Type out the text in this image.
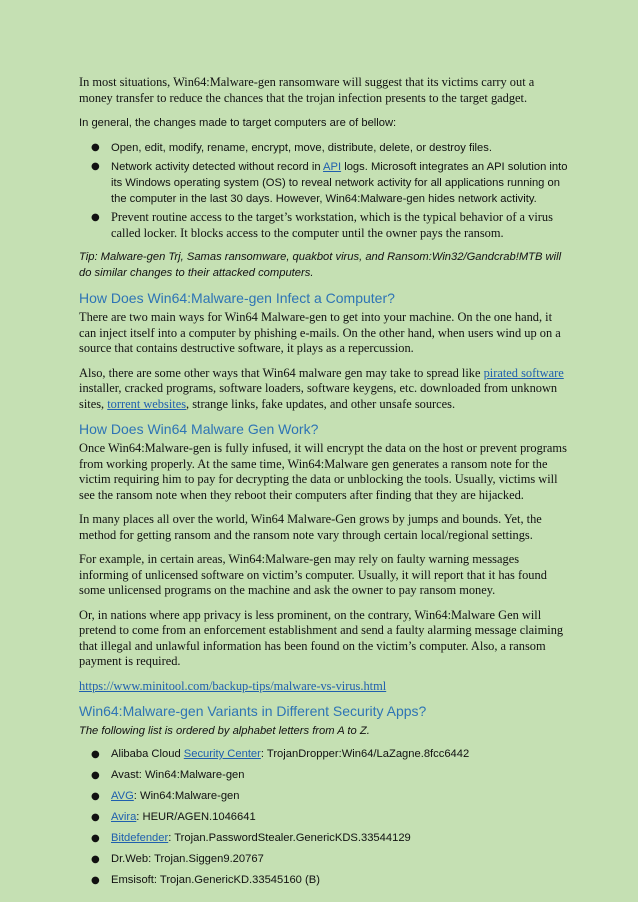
In most situations, Win64:Malware-gen ransomware will suggest that its victims carry out a money transfer to reduce the chances that the trojan infection presents to the target gadget.

In general, the changes made to target computers are of bellow:

● Open, edit, modify, rename, encrypt, move, distribute, delete, or destroy files.
● Network activity detected without record in API logs. Microsoft integrates an API solution into its Windows operating system (OS) to reveal network activity for all applications running on the computer in the last 30 days. However, Win64:Malware-gen hides network activity.
● Prevent routine access to the target’s workstation, which is the typical behavior of a virus called locker. It blocks access to the computer until the owner pays the ransom.

Tip: Malware-gen Trj, Samas ransomware, quakbot virus, and Ransom:Win32/Gandcrab!MTB will do similar changes to their attacked computers.

How Does Win64:Malware-gen Infect a Computer?

There are two main ways for Win64 Malware-gen to get into your machine. On the one hand, it can inject itself into a computer by phishing e-mails. On the other hand, when users wind up on a source that contains destructive software, it plays as a repercussion.

Also, there are some other ways that Win64 malware gen may take to spread like pirated software installer, cracked programs, software loaders, software keygens, etc. downloaded from unknown sites, torrent websites, strange links, fake updates, and other unsafe sources.

How Does Win64 Malware Gen Work?

Once Win64:Malware-gen is fully infused, it will encrypt the data on the host or prevent programs from working properly. At the same time, Win64:Malware gen generates a ransom note for the victim requiring him to pay for decrypting the data or unblocking the tools. Usually, victims will see the ransom note when they reboot their computers after finding that they are hijacked.

In many places all over the world, Win64 Malware-Gen grows by jumps and bounds. Yet, the method for getting ransom and the ransom note vary through certain local/regional settings.

For example, in certain areas, Win64:Malware-gen may rely on faulty warning messages informing of unlicensed software on victim’s computer. Usually, it will report that it has found some unlicensed programs on the machine and ask the owner to pay ransom money.

Or, in nations where app privacy is less prominent, on the contrary, Win64:Malware Gen will pretend to come from an enforcement establishment and send a faulty alarming message claiming that illegal and unlawful information has been found on the victim’s computer. Also, a ransom payment is required.

https://www.minitool.com/backup-tips/malware-vs-virus.html

Win64:Malware-gen Variants in Different Security Apps?

The following list is ordered by alphabet letters from A to Z.

● Alibaba Cloud Security Center: TrojanDropper:Win64/LaZagne.8fcc6442
● Avast: Win64:Malware-gen
● AVG: Win64:Malware-gen
● Avira: HEUR/AGEN.1046641
● Bitdefender: Trojan.PasswordStealer.GenericKDS.33544129
● Dr.Web: Trojan.Siggen9.20767
● Emsisoft: Trojan.GenericKD.33545160 (B)
